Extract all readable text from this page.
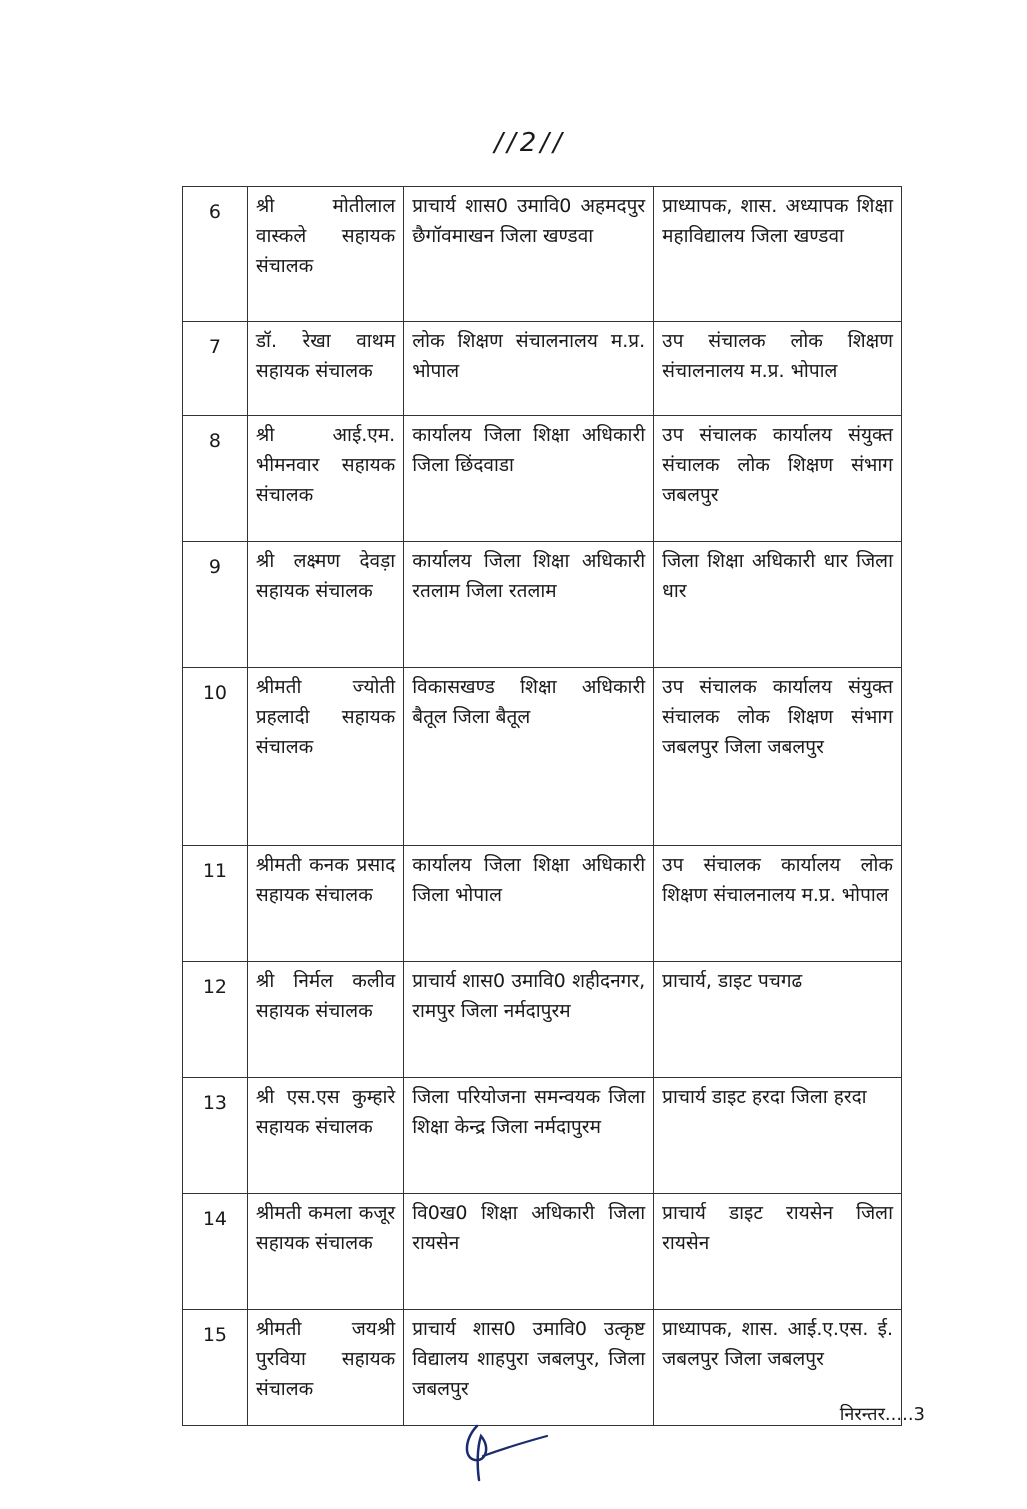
//2//
6	श्री मोतीलाल वास्कले सहायक संचालक	प्राचार्य शास0 उमावि0 अहमदपुर छैगॉवमाखन जिला खण्डवा	प्राध्यापक, शास. अध्यापक शिक्षा महाविद्यालय जिला खण्डवा
7	डॉ. रेखा वाथम सहायक संचालक	लोक शिक्षण संचालनालय म.प्र. भोपाल	उप संचालक लोक शिक्षण संचालनालय म.प्र. भोपाल
8	श्री आई.एम. भीमनवार सहायक संचालक	कार्यालय जिला शिक्षा अधिकारी जिला छिंदवाडा	उप संचालक कार्यालय संयुक्त संचालक लोक शिक्षण संभाग जबलपुर
9	श्री लक्ष्मण देवड़ा सहायक संचालक	कार्यालय जिला शिक्षा अधिकारी रतलाम जिला रतलाम	जिला शिक्षा अधिकारी धार जिला धार
10	श्रीमती ज्योती प्रहलादी सहायक संचालक	विकासखण्ड शिक्षा अधिकारी बैतूल जिला बैतूल	उप संचालक कार्यालय संयुक्त संचालक लोक शिक्षण संभाग जबलपुर जिला जबलपुर
11	श्रीमती कनक प्रसाद सहायक संचालक	कार्यालय जिला शिक्षा अधिकारी जिला भोपाल	उप संचालक कार्यालय लोक शिक्षण संचालनालय म.प्र. भोपाल
12	श्री निर्मल कलीव सहायक संचालक	प्राचार्य शास0 उमावि0 शहीदनगर, रामपुर जिला नर्मदापुरम	प्राचार्य, डाइट पचगढ
13	श्री एस.एस कुम्हारे सहायक संचालक	जिला परियोजना समन्वयक जिला शिक्षा केन्द्र जिला नर्मदापुरम	प्राचार्य डाइट हरदा जिला हरदा
14	श्रीमती कमला कजूर सहायक संचालक	वि0ख0 शिक्षा अधिकारी जिला रायसेन	प्राचार्य डाइट रायसेन जिला रायसेन
15	श्रीमती जयश्री पुरविया सहायक संचालक	प्राचार्य शास0 उमावि0 उत्कृष्ट विद्यालय शाहपुरा जबलपुर, जिला जबलपुर	प्राध्यापक, शास. आई.ए.एस. ई. जबलपुर जिला जबलपुर
निरन्तर.....3
